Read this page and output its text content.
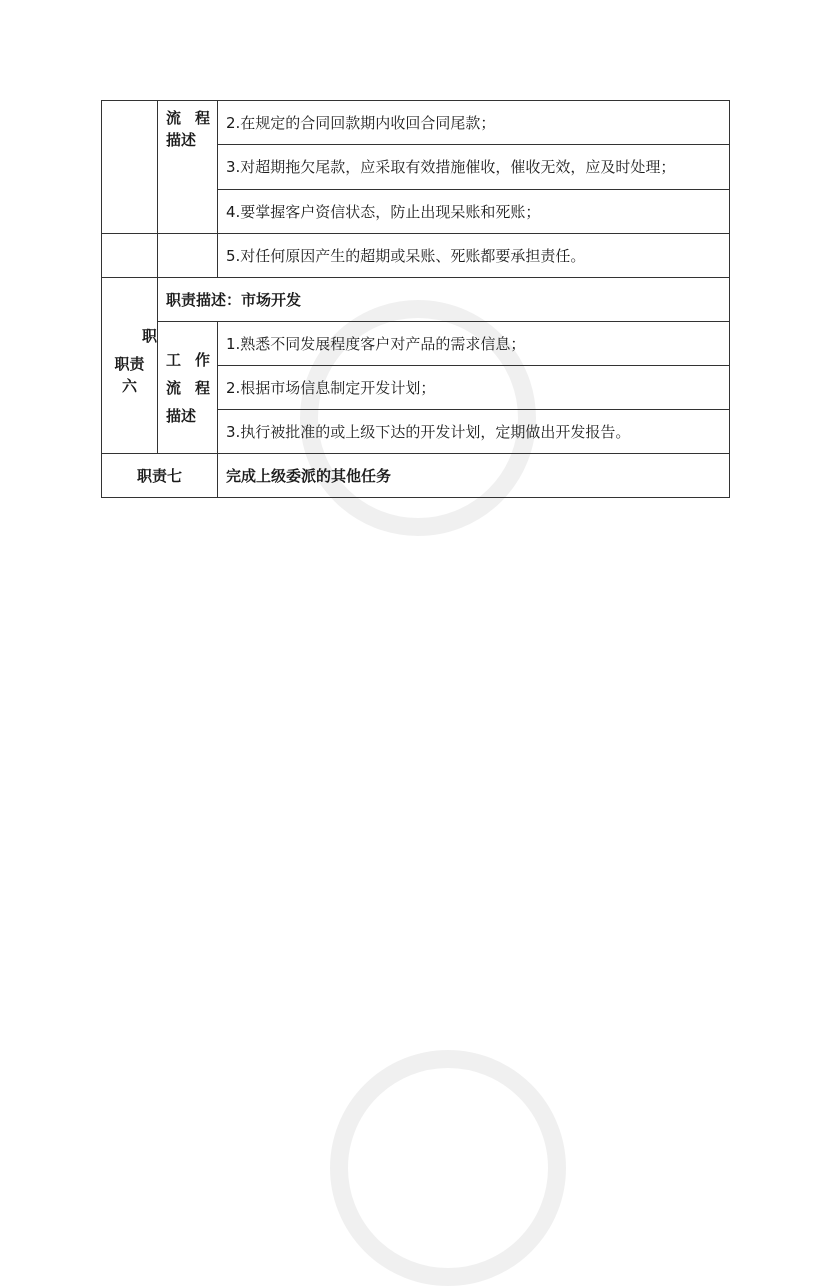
	流 程
描述	2.在规定的合同回款期内收回合同尾款；
		3.对超期拖欠尾款，应采取有效措施催收，催收无效，应及时处理；
		4.要掌握客户资信状态，防止出现呆账和死账；
		5.对任何原因产生的超期或呆账、死账都要承担责任。

职
职责
六	职责描述：市场开发	

	工 作
流 程
描述	1.熟悉不同发展程度客户对产品的需求信息；
		2.根据市场信息制定开发计划；
		3.执行被批准的或上级下达的开发计划，定期做出开发报告。
职责七		完成上级委派的其他任务
